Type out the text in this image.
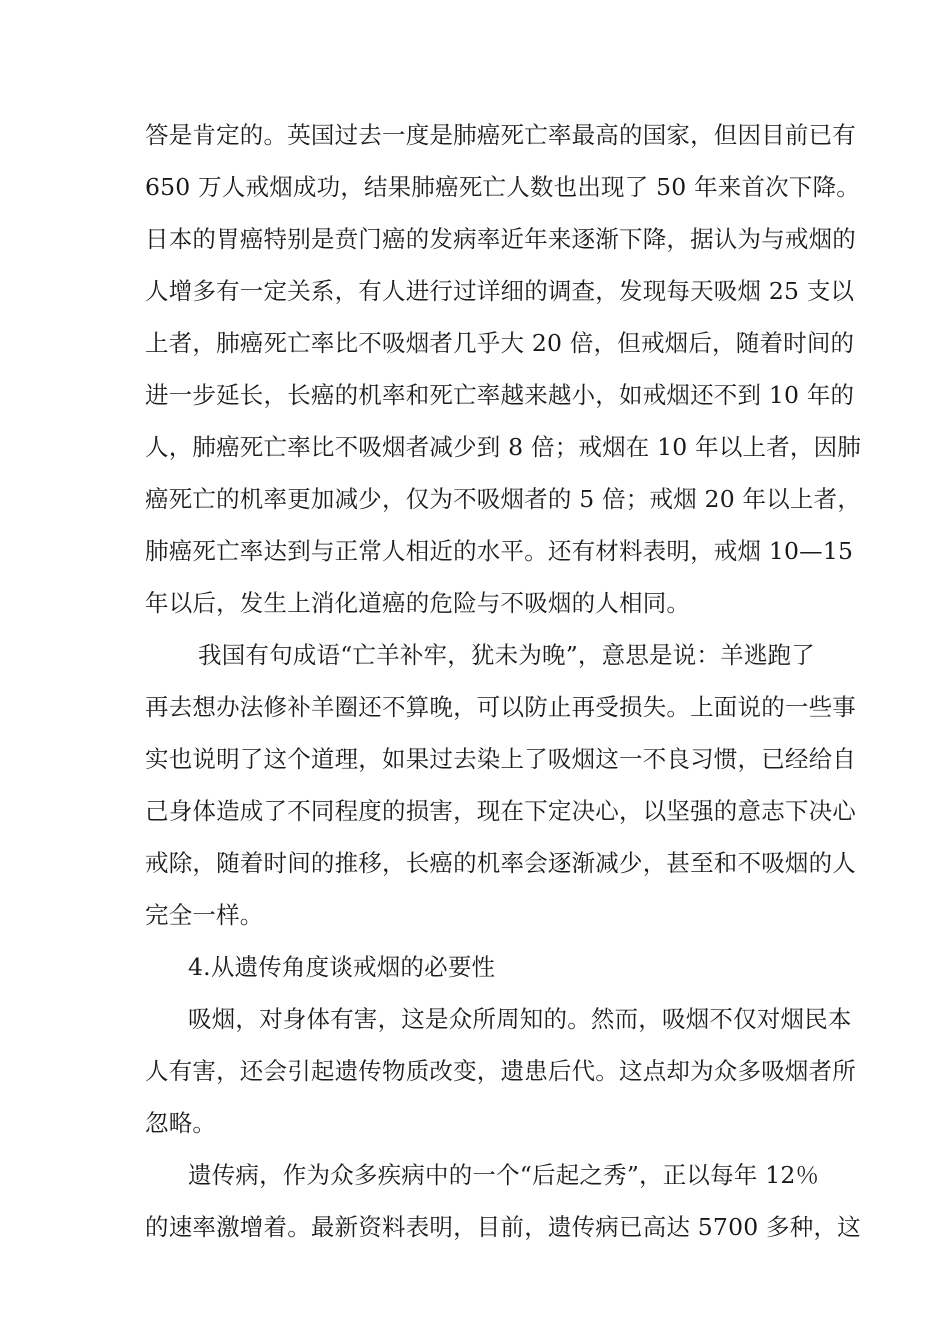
答是肯定的。英国过去一度是肺癌死亡率最高的国家，但因目前已有
650 万人戒烟成功，结果肺癌死亡人数也出现了 50 年来首次下降。
日本的胃癌特别是贲门癌的发病率近年来逐渐下降，据认为与戒烟的
人增多有一定关系，有人进行过详细的调查，发现每天吸烟 25 支以
上者，肺癌死亡率比不吸烟者几乎大 20 倍，但戒烟后，随着时间的
进一步延长，长癌的机率和死亡率越来越小，如戒烟还不到 10 年的
人，肺癌死亡率比不吸烟者减少到 8 倍；戒烟在 10 年以上者，因肺
癌死亡的机率更加减少，仅为不吸烟者的 5 倍；戒烟 20 年以上者，
肺癌死亡率达到与正常人相近的水平。还有材料表明，戒烟 10—15
年以后，发生上消化道癌的危险与不吸烟的人相同。
我国有句成语“亡羊补牢，犹未为晚”，意思是说：羊逃跑了
再去想办法修补羊圈还不算晚，可以防止再受损失。上面说的一些事
实也说明了这个道理，如果过去染上了吸烟这一不良习惯，已经给自
己身体造成了不同程度的损害，现在下定决心，以坚强的意志下决心
戒除，随着时间的推移，长癌的机率会逐渐减少，甚至和不吸烟的人
完全一样。
4.从遗传角度谈戒烟的必要性
吸烟，对身体有害，这是众所周知的。然而，吸烟不仅对烟民本
人有害，还会引起遗传物质改变，遗患后代。这点却为众多吸烟者所
忽略。
遗传病，作为众多疾病中的一个“后起之秀”，正以每年 12％
的速率激增着。最新资料表明，目前，遗传病已高达 5700 多种，这
